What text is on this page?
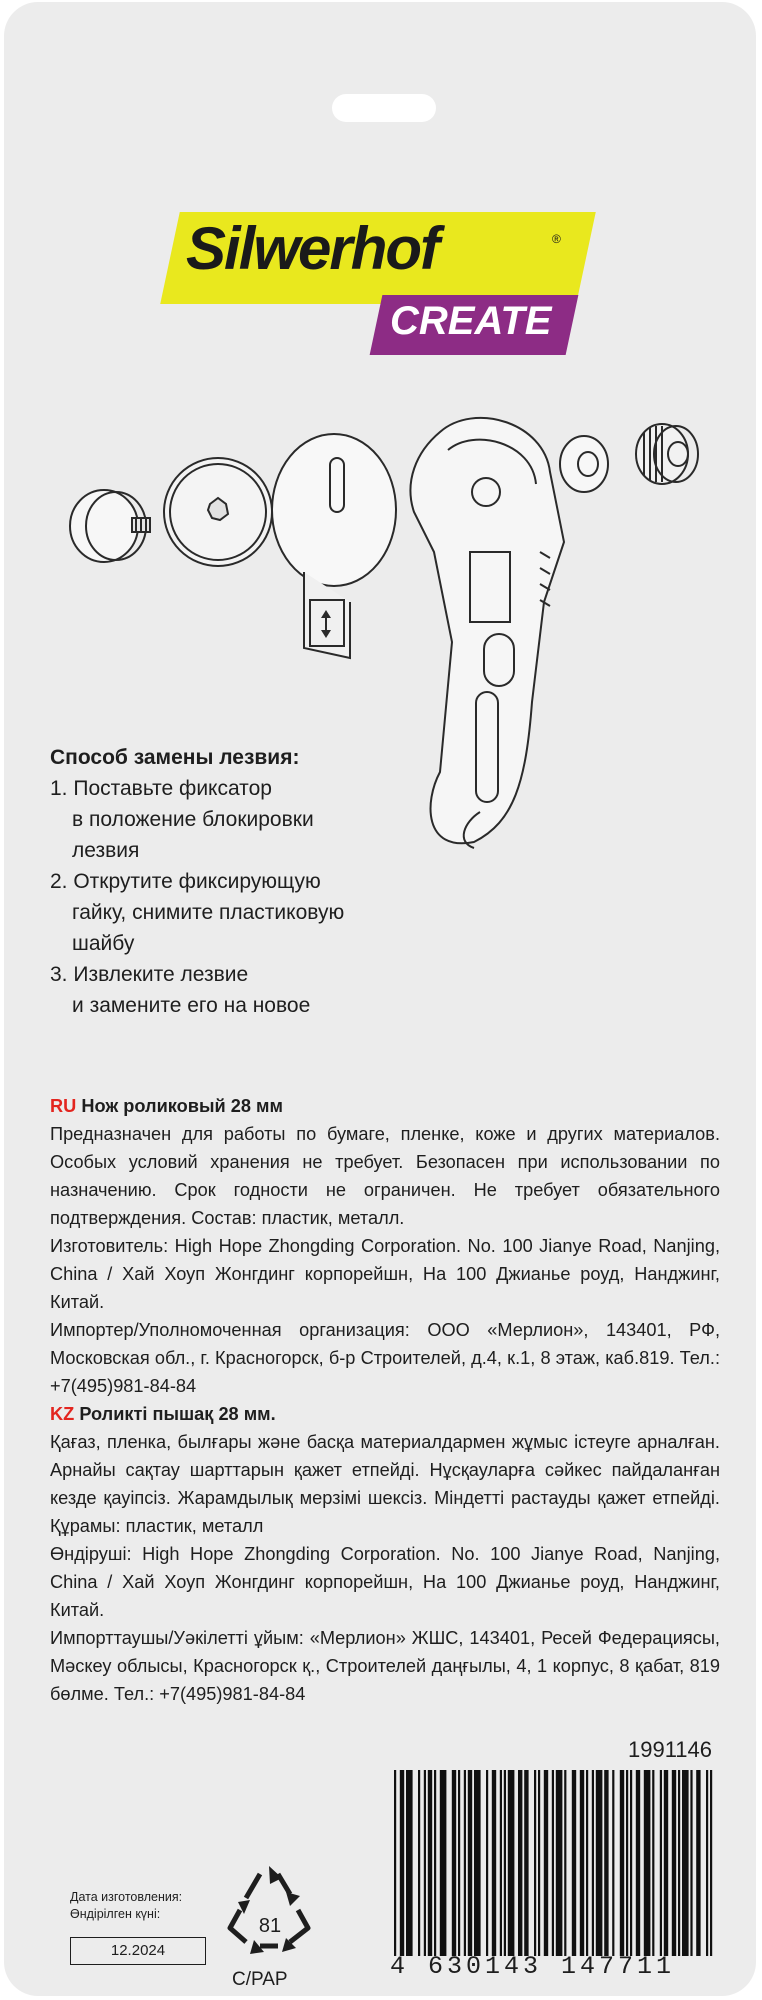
Silwerhof	®
CREATE
Способ замены лезвия:
1. Поставьте фиксатор
в положение блокировки
лезвия
2. Открутите фиксирующую
гайку, снимите пластиковую
шайбу
3. Извлеките лезвие
и замените его на новое

RU Нож роликовый 28 мм

Предназначен для работы по бумаге, пленке, коже и других материалов. Особых условий хранения не требует. Безопасен при использовании по назначению. Срок годности не ограничен. Не требует обязательного подтверждения. Состав: пластик, металл.

Изготовитель: High Hope Zhongding Corporation. No. 100 Jianye Road, Nanjing, China / Хай Хоуп Жонгдинг корпорейшн, На 100 Джианье роуд, Нанджинг, Китай.

Импортер/Уполномоченная организация: ООО «Мерлион», 143401, РФ, Московская обл., г. Красногорск, б-р Строителей, д.4, к.1, 8 этаж, каб.819. Тел.: +7(495)981-84-84

KZ Роликті пышақ 28 мм.

Қағаз, пленка, былғары және басқа материалдармен жұмыс істеуге арналған. Арнайы сақтау шарттарын қажет етпейді. Нұсқауларға сәйкес пайдаланған кезде қауіпсіз. Жарамдылық мерзімі шексіз. Міндетті растауды қажет етпейді. Құрамы: пластик, металл

Өндіруші: High Hope Zhongding Corporation. No. 100 Jianye Road, Nanjing, China / Хай Хоуп Жонгдинг корпорейшн, На 100 Джианье роуд, Нанджинг, Китай.

Импорттаушы/Уәкілетті ұйым: «Мерлион» ЖШС, 143401, Ресей Федерациясы, Мәскеу облысы, Красногорск қ., Строителей даңғылы, 4, 1 корпус, 8 қабат, 819 бөлме. Тел.: +7(495)981-84-84

1991146
4 630143 147711
Дата изготовления:
Өндірілген күні:
12.2024
81
C/PAP
